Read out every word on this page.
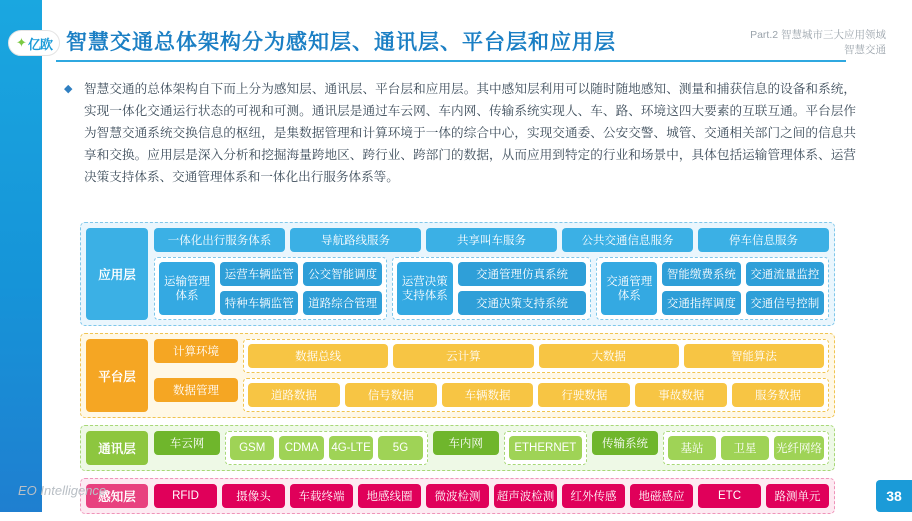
✦ 亿欧 智慧交通总体架构分为感知层、通讯层、平台层和应用层	Part.2 智慧城市三大应用领域
智慧交通
◆ 智慧交通的总体架构自下而上分为感知层、通讯层、平台层和应用层。其中感知层利用可以随时随地感知、测量和捕获信息的设备和系统，实现一体化交通运行状态的可视和可测。通讯层是通过车云网、车内网、传输系统实现人、车、路、环境这四大要素的互联互通。平台层作为智慧交通系统交换信息的枢纽，是集数据管理和计算环境于一体的综合中心，实现交通委、公安交警、城管、交通相关部门之间的信息共享和交换。应用层是深入分析和挖掘海量跨地区、跨行业、跨部门的数据，从而应用到特定的行业和场景中，具体包括运输管理体系、运营决策支持体系、交通管理体系和一体化出行服务体系等。
应用层
一体化出行服务体系	导航路线服务	共享叫车服务	公共交通信息服务	停车信息服务
运输管理体系
运营车辆监管	公交智能调度
特种车辆监管	道路综合管理
运营决策支持体系
交通管理仿真系统
交通决策支持系统
交通管理体系
智能缴费系统	交通流量监控
交通指挥调度	交通信号控制
平台层
计算环境	数据总线	云计算	大数据	智能算法
数据管理	道路数据	信号数据	车辆数据	行驶数据	事故数据	服务数据
通讯层	车云网	GSM	CDMA	4G-LTE	5G	车内网	ETHERNET	传输系统	基站	卫星	光纤网络
感知层	RFID	摄像头	车载终端	地感线圈	微波检测	超声波检测	红外传感	地磁感应	ETC	路测单元
EO Intelligence	38
